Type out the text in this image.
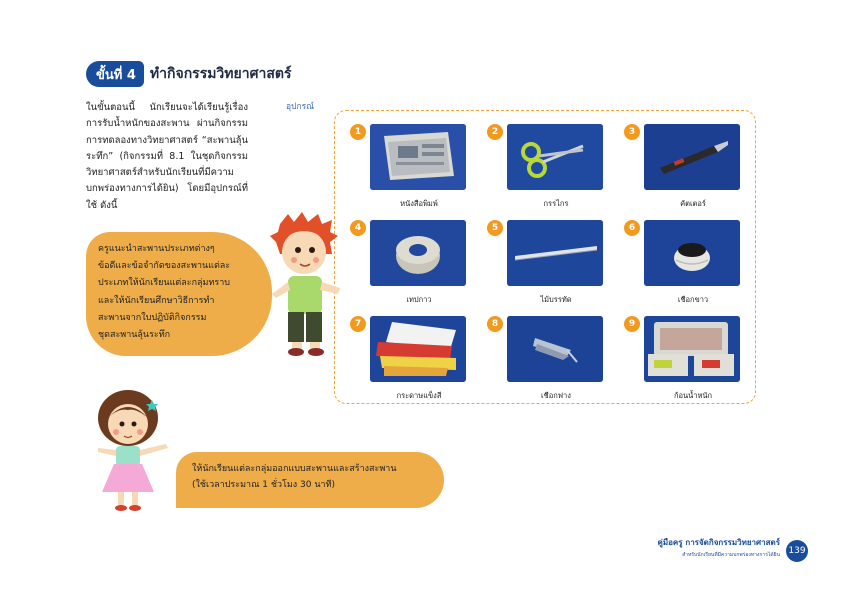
ขั้นที่ 4	ทำกิจกรรมวิทยาศาสตร์
ในขั้นตอนนี้ นักเรียนจะได้เรียนรู้เรื่องการรับน้ำหนักของสะพาน ผ่านกิจกรรมการทดลองทางวิทยาศาสตร์ “สะพานลุ้นระทึก” (กิจกรรมที่ 8.1 ในชุดกิจกรรมวิทยาศาสตร์สำหรับนักเรียนที่มีความบกพร่องทางการได้ยิน) โดยมีอุปกรณ์ที่ใช้ ดังนี้
อุปกรณ์
1
หนังสือพิมพ์
2
กรรไกร
3
คัตเตอร์
4
เทปกาว
5
ไม้บรรทัด
6
เชือกขาว
7
กระดาษแข็งสี
8
เชือกฟาง
9
ก้อนน้ำหนัก

ครูแนะนำสะพานประเภทต่างๆ

ข้อดีและข้อจำกัดของสะพานแต่ละ

ประเภทให้นักเรียนแต่ละกลุ่มทราบ

และให้นักเรียนศึกษาวิธีการทำ

สะพานจากใบปฏิบัติกิจกรรม

ชุดสะพานลุ้นระทึก

ให้นักเรียนแต่ละกลุ่มออกแบบสะพานและสร้างสะพาน

(ใช้เวลาประมาณ 1 ชั่วโมง 30 นาที)

คู่มือครู การจัดกิจกรรมวิทยาศาสตร์
สำหรับนักเรียนที่มีความบกพร่องทางการได้ยิน 139
